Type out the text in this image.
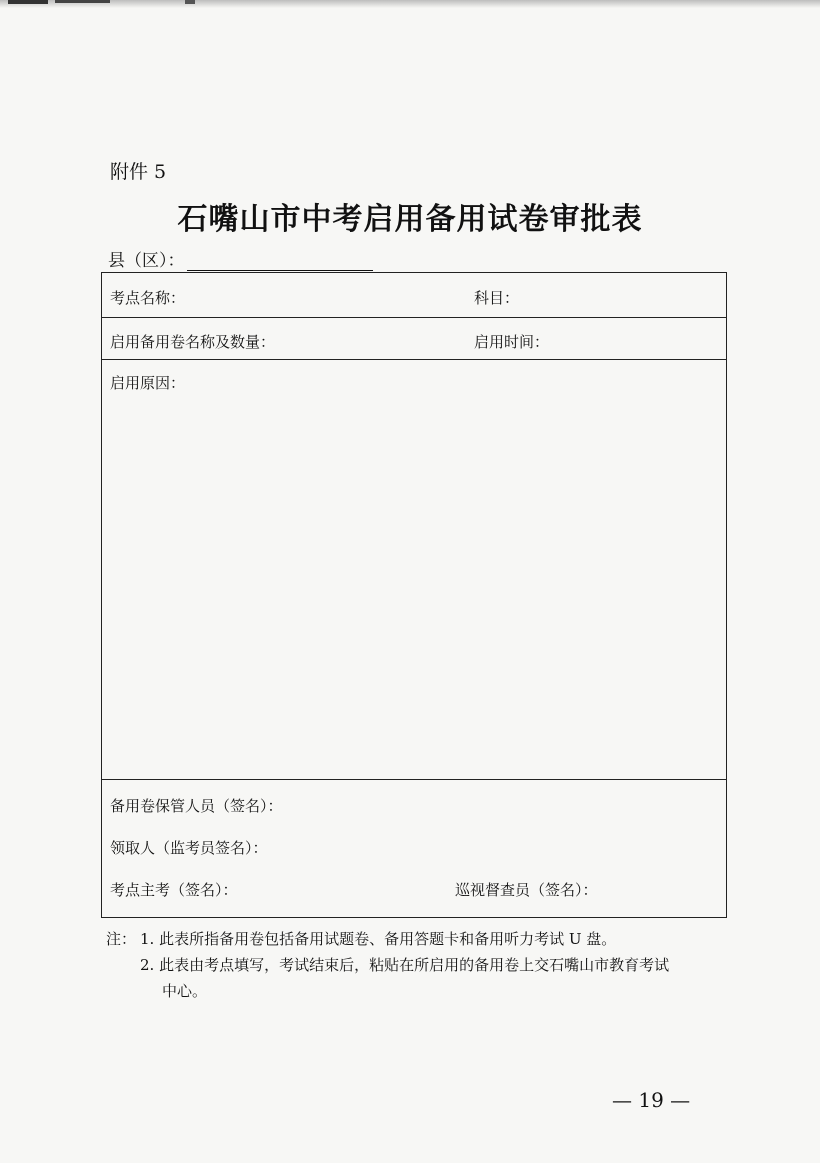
附件 5
石嘴山市中考启用备用试卷审批表
县（区）：
考点名称：	科目：
启用备用卷名称及数量：	启用时间：
启用原因：
备用卷保管人员（签名）：
领取人（监考员签名）：
考点主考（签名）：	巡视督查员（签名）：
注： 1. 此表所指备用卷包括备用试题卷、备用答题卡和备用听力考试 U 盘。
2. 此表由考点填写，考试结束后，粘贴在所启用的备用卷上交石嘴山市教育考试
中心。
— 19 —
